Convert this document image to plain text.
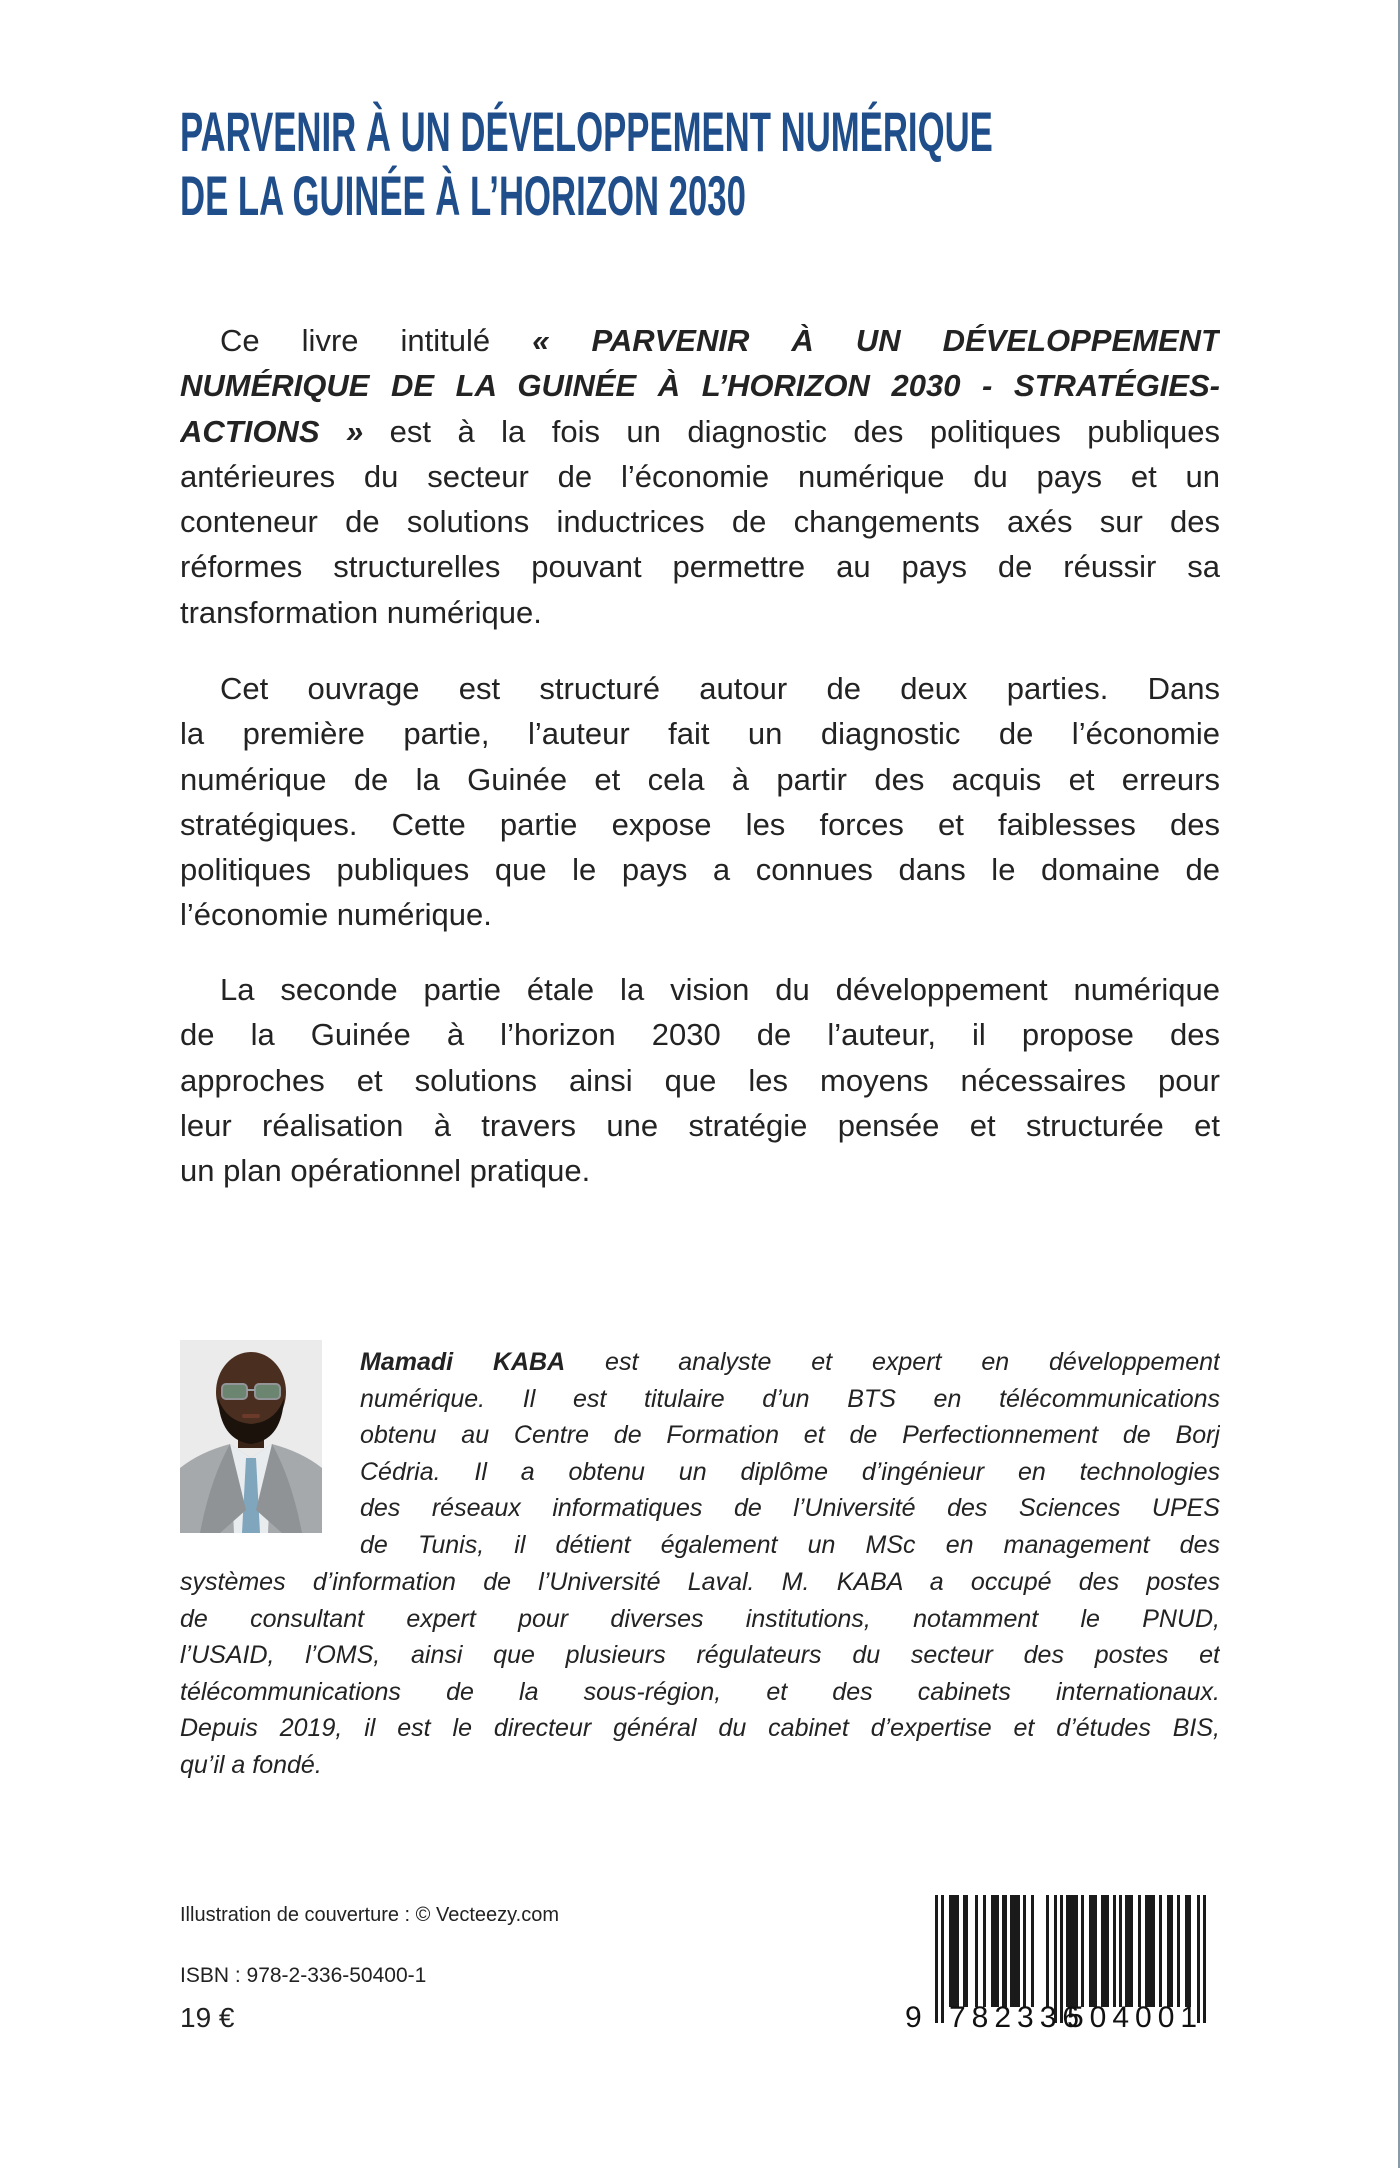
PARVENIR À UN DÉVELOPPEMENT NUMÉRIQUE
DE LA GUINÉE À L’HORIZON 2030
Ce livre intitulé « PARVENIR À UN DÉVELOPPEMENT
NUMÉRIQUE DE LA GUINÉE À L’HORIZON 2030 - STRATÉGIES-
ACTIONS » est à la fois un diagnostic des politiques publiques
antérieures du secteur de l’économie numérique du pays et un
conteneur de solutions inductrices de changements axés sur des
réformes structurelles pouvant permettre au pays de réussir sa
transformation numérique.
Cet ouvrage est structuré autour de deux parties. Dans
la première partie, l’auteur fait un diagnostic de l’économie
numérique de la Guinée et cela à partir des acquis et erreurs
stratégiques. Cette partie expose les forces et faiblesses des
politiques publiques que le pays a connues dans le domaine de
l’économie numérique.
La seconde partie étale la vision du développement numérique
de la Guinée à l’horizon 2030 de l’auteur, il propose des
approches et solutions ainsi que les moyens nécessaires pour
leur réalisation à travers une stratégie pensée et structurée et
un plan opérationnel pratique.
Mamadi KABA est analyste et expert en développement
numérique. Il est titulaire d’un BTS en télécommunications
obtenu au Centre de Formation et de Perfectionnement de Borj
Cédria. Il a obtenu un diplôme d’ingénieur en technologies
des réseaux informatiques de l’Université des Sciences UPES
de Tunis, il détient également un MSc en management des
systèmes d’information de l’Université Laval. M. KABA a occupé des postes
de consultant expert pour diverses institutions, notamment le PNUD,
l’USAID, l’OMS, ainsi que plusieurs régulateurs du secteur des postes et
télécommunications de la sous-région, et des cabinets internationaux.
Depuis 2019, il est le directeur général du cabinet d’expertise et d’études BIS,
qu’il a fondé.
Illustration de couverture : © Vecteezy.com
ISBN : 978-2-336-50400-1
19 €	9 782336
504001
